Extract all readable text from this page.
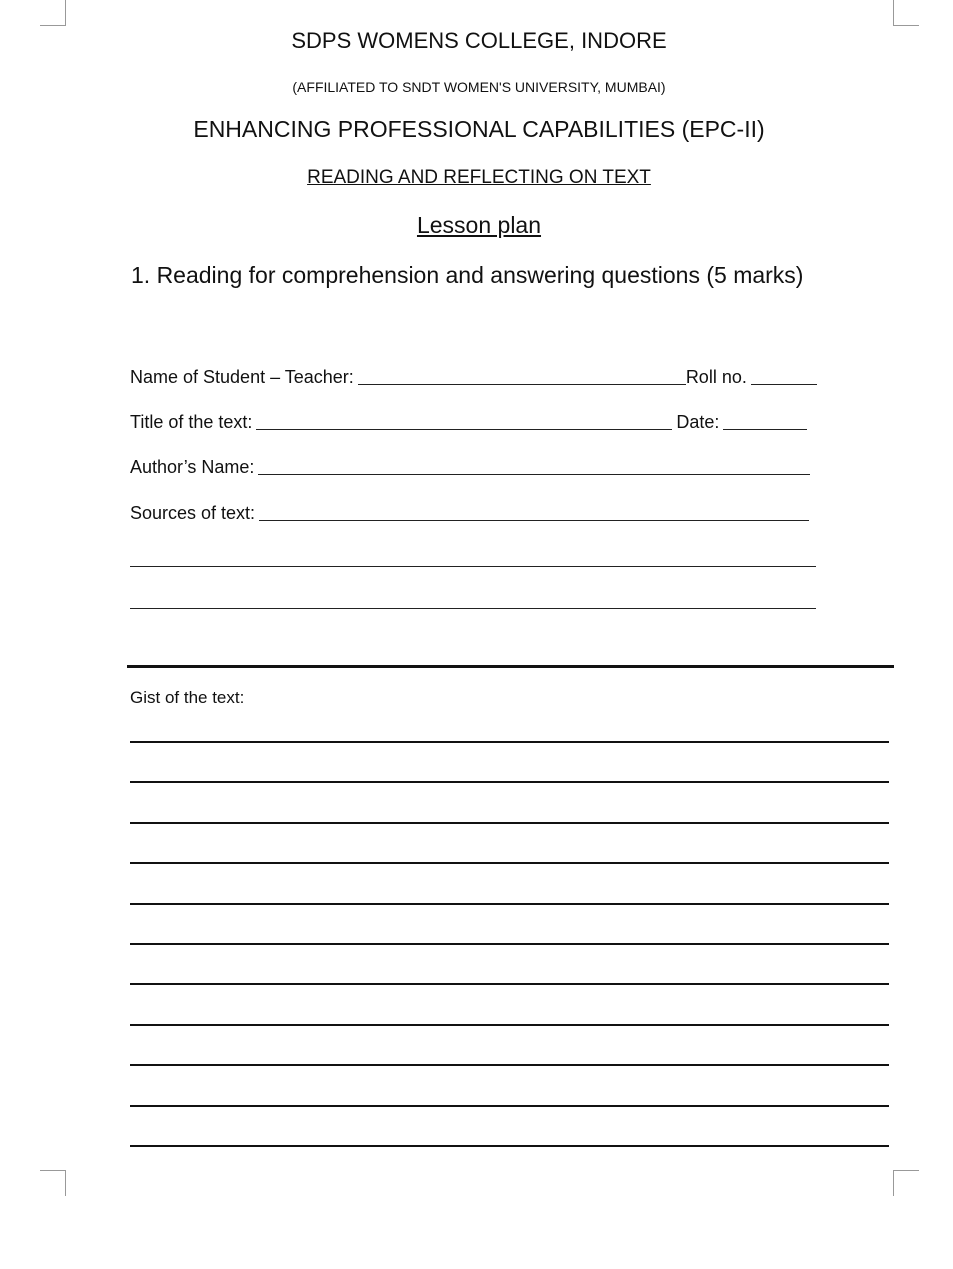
SDPS WOMENS COLLEGE, INDORE
(AFFILIATED TO SNDT WOMEN'S UNIVERSITY, MUMBAI)
ENHANCING PROFESSIONAL CAPABILITIES (EPC-II)
READING AND REFLECTING ON TEXT
Lesson plan
1. Reading for comprehension and answering questions (5 marks)
Name of Student – Teacher:	Roll no.
Title of the text:	Date:
Author’s Name:
Sources of text:
Gist of the text:
